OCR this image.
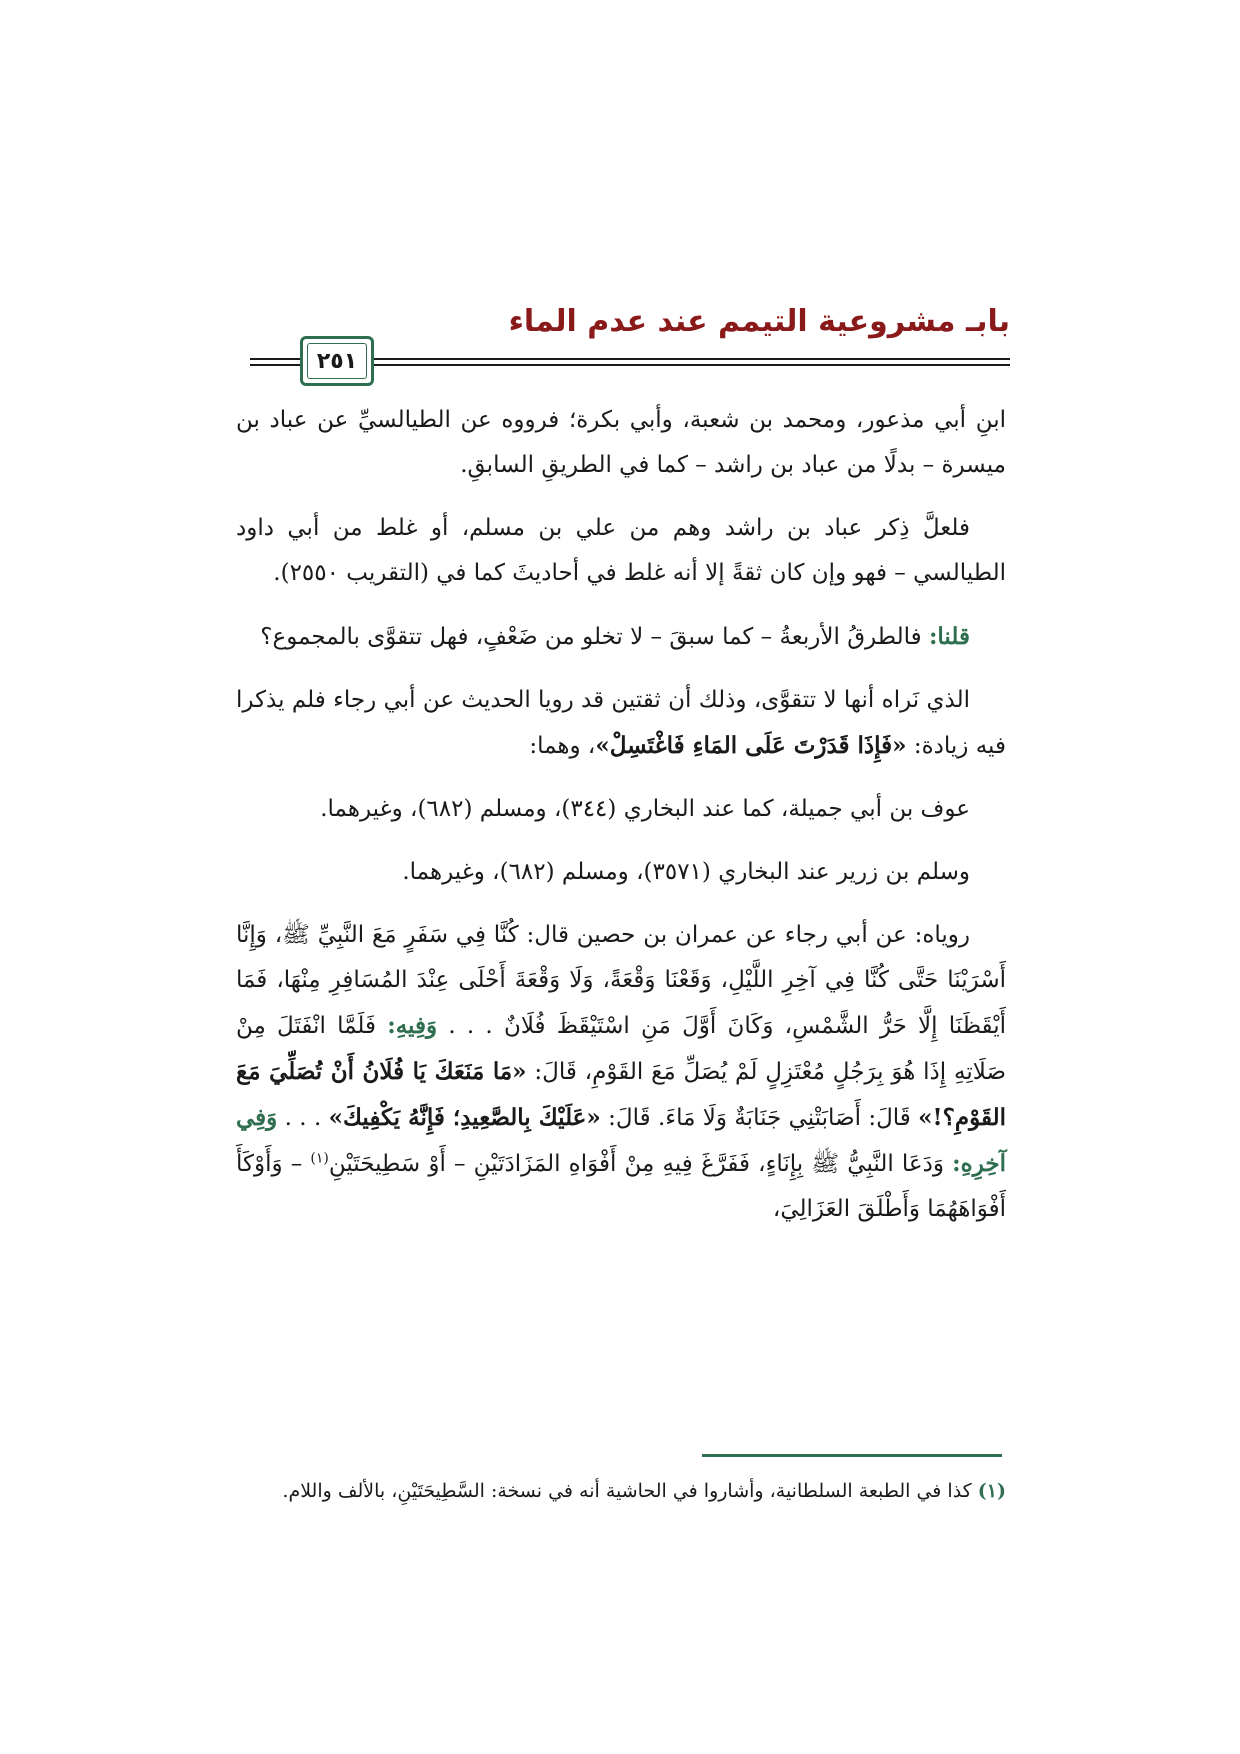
بابـ مشروعية التيمم عند عدم الماء
٢٥١

ابنِ أبي مذعور، ومحمد بن شعبة، وأبي بكرة؛ فرووه عن الطيالسيِّ عن عباد بن ميسرة – بدلًا من عباد بن راشد – كما في الطريقِ السابقِ.

فلعلَّ ذِكر عباد بن راشد وهم من علي بن مسلم، أو غلط من أبي داود الطيالسي – فهو وإن كان ثقةً إلا أنه غلط في أحاديثَ كما في (التقريب ٢٥٥٠).

قلنا: فالطرقُ الأربعةُ – كما سبقَ – لا تخلو من ضَعْفٍ، فهل تتقوَّى بالمجموع؟

الذي نَراه أنها لا تتقوَّى، وذلك أن ثقتين قد رويا الحديث عن أبي رجاء فلم يذكرا فيه زيادة: «فَإِذَا قَدَرْتَ عَلَى المَاءِ فَاغْتَسِلْ»، وهما:

عوف بن أبي جميلة، كما عند البخاري (٣٤٤)، ومسلم (٦٨٢)، وغيرهما.

وسلم بن زرير عند البخاري (٣٥٧١)، ومسلم (٦٨٢)، وغيرهما.

روياه: عن أبي رجاء عن عمران بن حصين قال: كُنَّا فِي سَفَرٍ مَعَ النَّبِيِّ ﷺ، وَإِنَّا أَسْرَيْنَا حَتَّى كُنَّا فِي آخِرِ اللَّيْلِ، وَقَعْنَا وَقْعَةً، وَلَا وَقْعَةَ أَحْلَى عِنْدَ المُسَافِرِ مِنْهَا، فَمَا أَيْقَظَنَا إِلَّا حَرُّ الشَّمْسِ، وَكَانَ أَوَّلَ مَنِ اسْتَيْقَظَ فُلَانٌ . . . وَفِيهِ: فَلَمَّا انْفَتَلَ مِنْ صَلَاتِهِ إِذَا هُوَ بِرَجُلٍ مُعْتَزِلٍ لَمْ يُصَلِّ مَعَ القَوْمِ، قَالَ: «مَا مَنَعَكَ يَا فُلَانُ أَنْ تُصَلِّيَ مَعَ القَوْمِ؟!» قَالَ: أَصَابَتْنِي جَنَابَةٌ وَلَا مَاءَ. قَالَ: «عَلَيْكَ بِالصَّعِيدِ؛ فَإِنَّهُ يَكْفِيكَ» . . . وَفِي آخِرِهِ: وَدَعَا النَّبِيُّ ﷺ بِإِنَاءٍ، فَفَرَّغَ فِيهِ مِنْ أَفْوَاهِ المَزَادَتَيْنِ – أَوْ سَطِيحَتَيْنِ$^{(١)}$ – وَأَوْكَأَ أَفْوَاهَهُمَا وَأَطْلَقَ العَزَالِيَ،

(١) كذا في الطبعة السلطانية، وأشاروا في الحاشية أنه في نسخة: السَّطِيحَتَيْنِ، بالألف واللام.
